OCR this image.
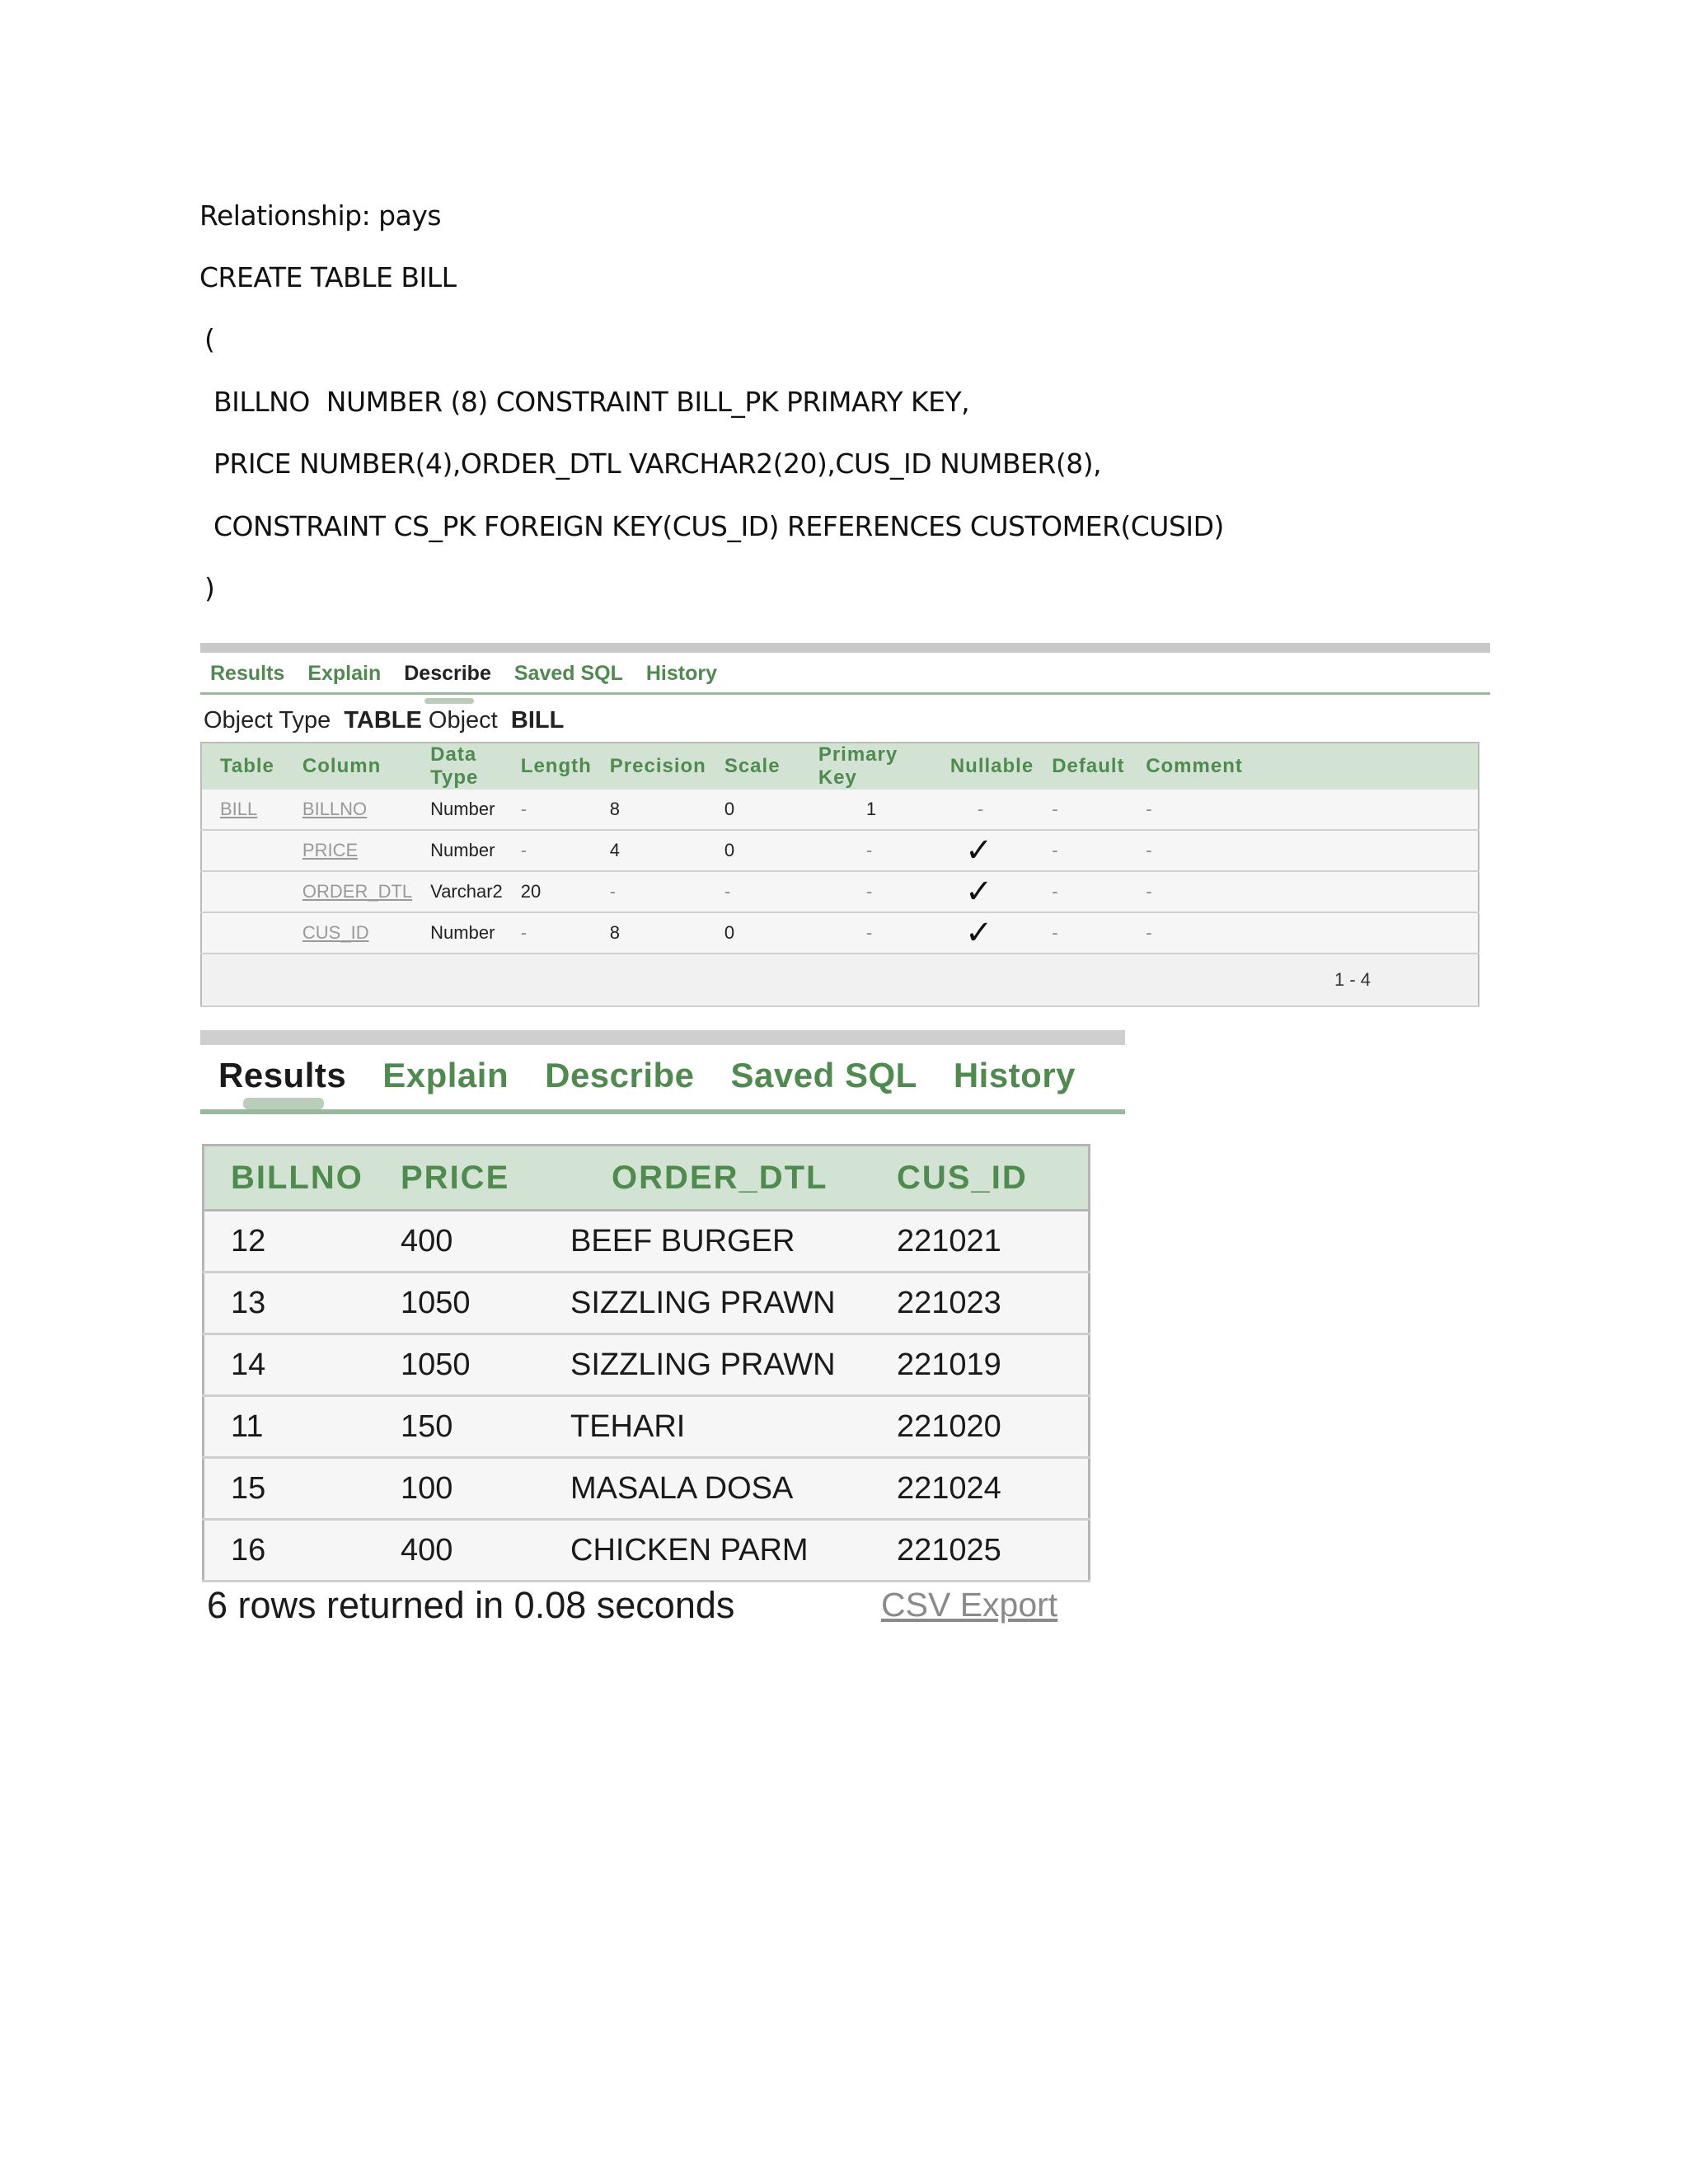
Relationship: pays
CREATE TABLE BILL
(
BILLNO  NUMBER (8) CONSTRAINT BILL_PK PRIMARY KEY,
PRICE NUMBER(4),ORDER_DTL VARCHAR2(20),CUS_ID NUMBER(8),
CONSTRAINT CS_PK FOREIGN KEY(CUS_ID) REFERENCES CUSTOMER(CUSID)
)
Results Explain Describe Saved SQL History
Object Type TABLE Object BILL
Table	Column	Data Type	Length	Precision	Scale	Primary Key	Nullable	Default	Comment
BILL	BILLNO	Number	-	8	0	1	-	-	-
	PRICE	Number	-	4	0	-	✓	-	-
	ORDER_DTL	Varchar2	20	-	-	-	✓	-	-
	CUS_ID	Number	-	8	0	-	✓	-	-
1 - 4									
Results Explain Describe Saved SQL History
BILLNO	PRICE	ORDER_DTL	CUS_ID
12	400	BEEF BURGER	221021
13	1050	SIZZLING PRAWN	221023
14	1050	SIZZLING PRAWN	221019
11	150	TEHARI	221020
15	100	MASALA DOSA	221024
16	400	CHICKEN PARM	221025
6 rows returned in 0.08 seconds	CSV Export
